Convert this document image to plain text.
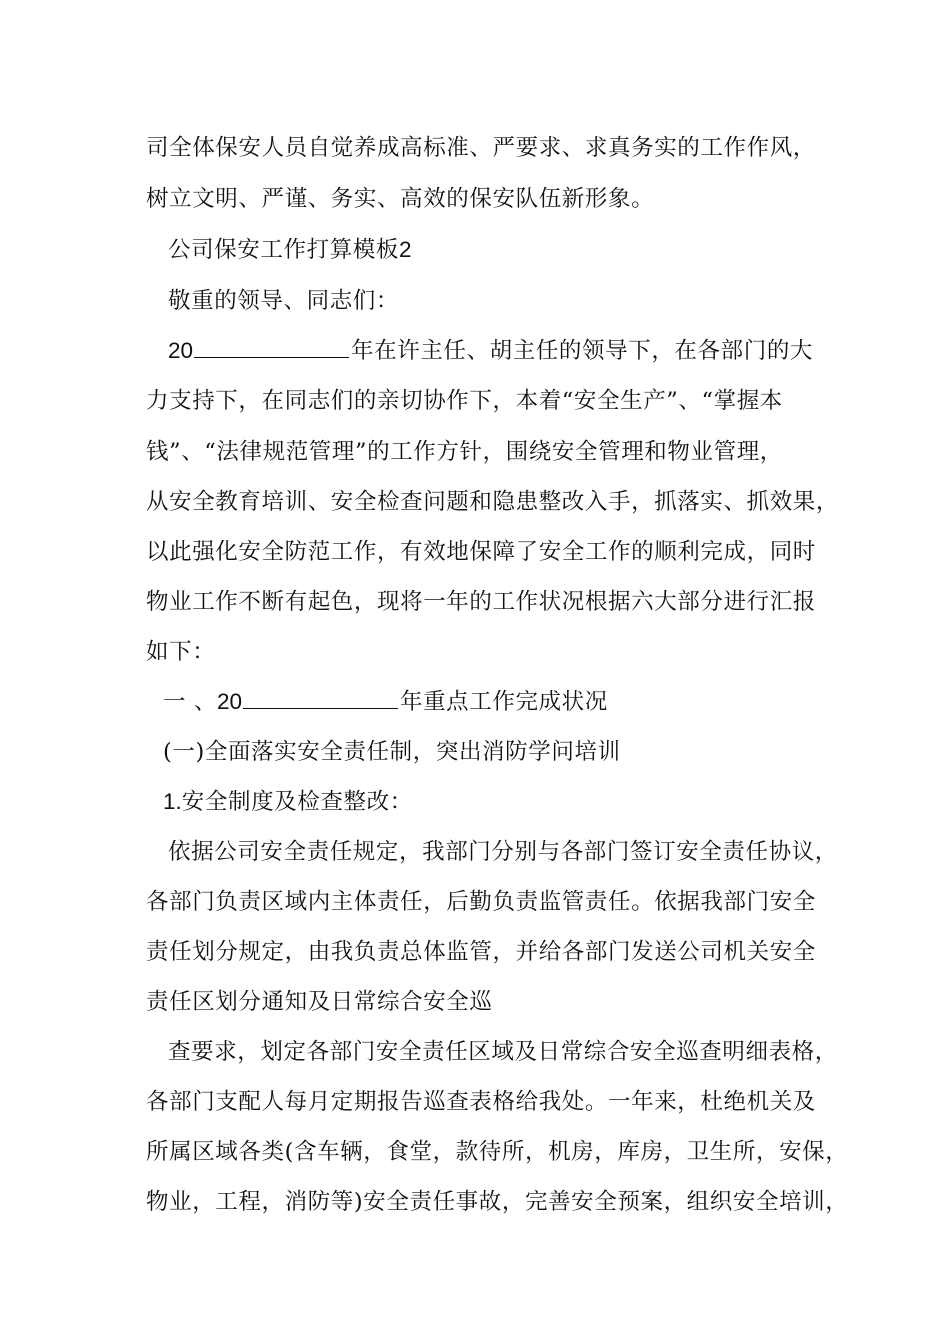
司全体保安人员自觉养成高标准、严要求、求真务实的工作作风，
树立文明、严谨、务实、高效的保安队伍新形象。
公司保安工作打算模板2
敬重的领导、同志们：
20	年在许主任、胡主任的领导下，在各部门的大
力支持下，在同志们的亲切协作下，本着“安全生产”、“掌握本
钱”、“法律规范管理”的工作方针，围绕安全管理和物业管理，
从安全教育培训、安全检查问题和隐患整改入手，抓落实、抓效果，
以此强化安全防范工作，有效地保障了安全工作的顺利完成，同时
物业工作不断有起色，现将一年的工作状况根据六大部分进行汇报
如下：
一 、20	年重点工作完成状况
(一)全面落实安全责任制，突出消防学问培训
1.安全制度及检查整改：
依据公司安全责任规定，我部门分别与各部门签订安全责任协议，
各部门负责区域内主体责任，后勤负责监管责任。依据我部门安全
责任划分规定，由我负责总体监管，并给各部门发送公司机关安全
责任区划分通知及日常综合安全巡
查要求，划定各部门安全责任区域及日常综合安全巡查明细表格，
各部门支配人每月定期报告巡查表格给我处。一年来，杜绝机关及
所属区域各类(含车辆，食堂，款待所，机房，库房，卫生所，安保，
物业，工程，消防等)安全责任事故，完善安全预案，组织安全培训，
